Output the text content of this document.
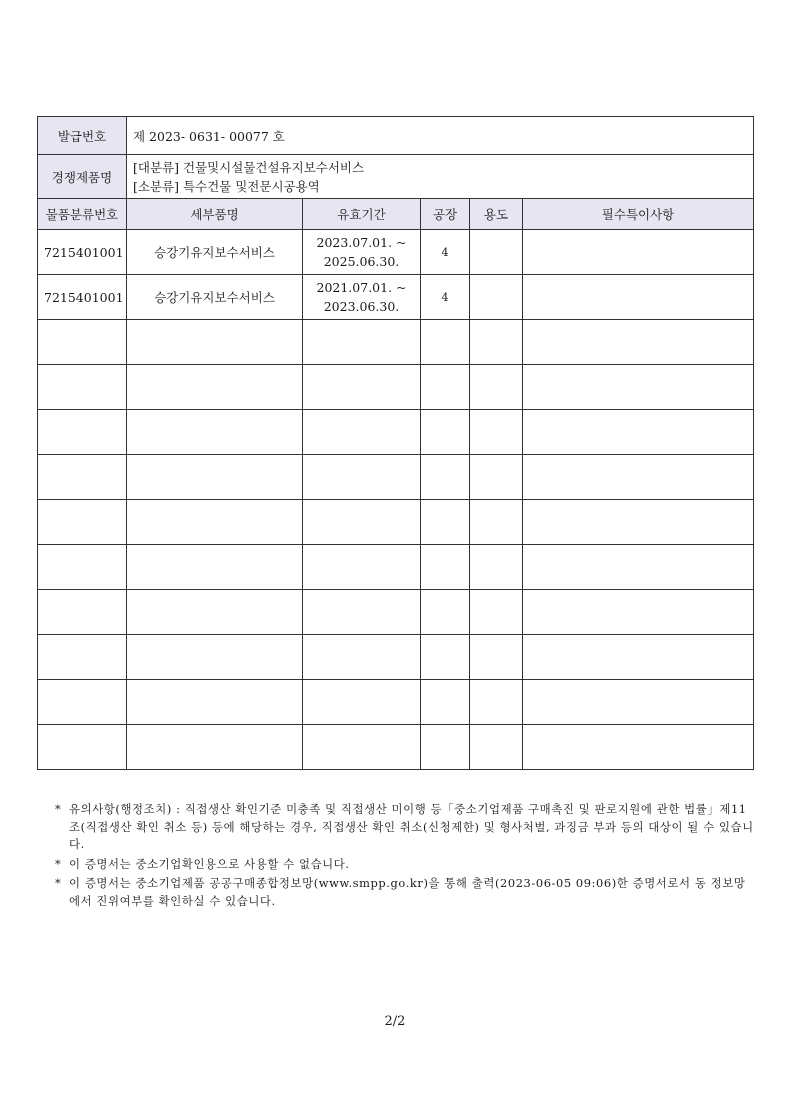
발급번호	제 2023- 0631- 00077 호				
경쟁제품명	[대분류] 건물및시설물건설유지보수서비스
[소분류] 특수건물 및전문시공용역				

물품분류번호	세부품명	유효기간	공장	용도	필수특이사항
7215401001	승강기유지보수서비스	2023.07.01. ~
2025.06.30.	4		
7215401001	승강기유지보수서비스	2021.07.01. ~
2023.06.30.	4		

* 유의사항(행정조치) : 직접생산 확인기준 미충족 및 직접생산 미이행 등「중소기업제품 구매촉진 및 판로지원에 관한 법률」제11조(직접생산 확인 취소 등) 등에 해당하는 경우, 직접생산 확인 취소(신청제한) 및 형사처벌, 과징금 부과 등의 대상이 될 수 있습니다.
* 이 증명서는 중소기업확인용으로 사용할 수 없습니다.
* 이 증명서는 중소기업제품 공공구매종합정보망(www.smpp.go.kr)을 통해 출력(2023-06-05 09:06)한 증명서로서 동 정보망에서 진위여부를 확인하실 수 있습니다.
2/2
